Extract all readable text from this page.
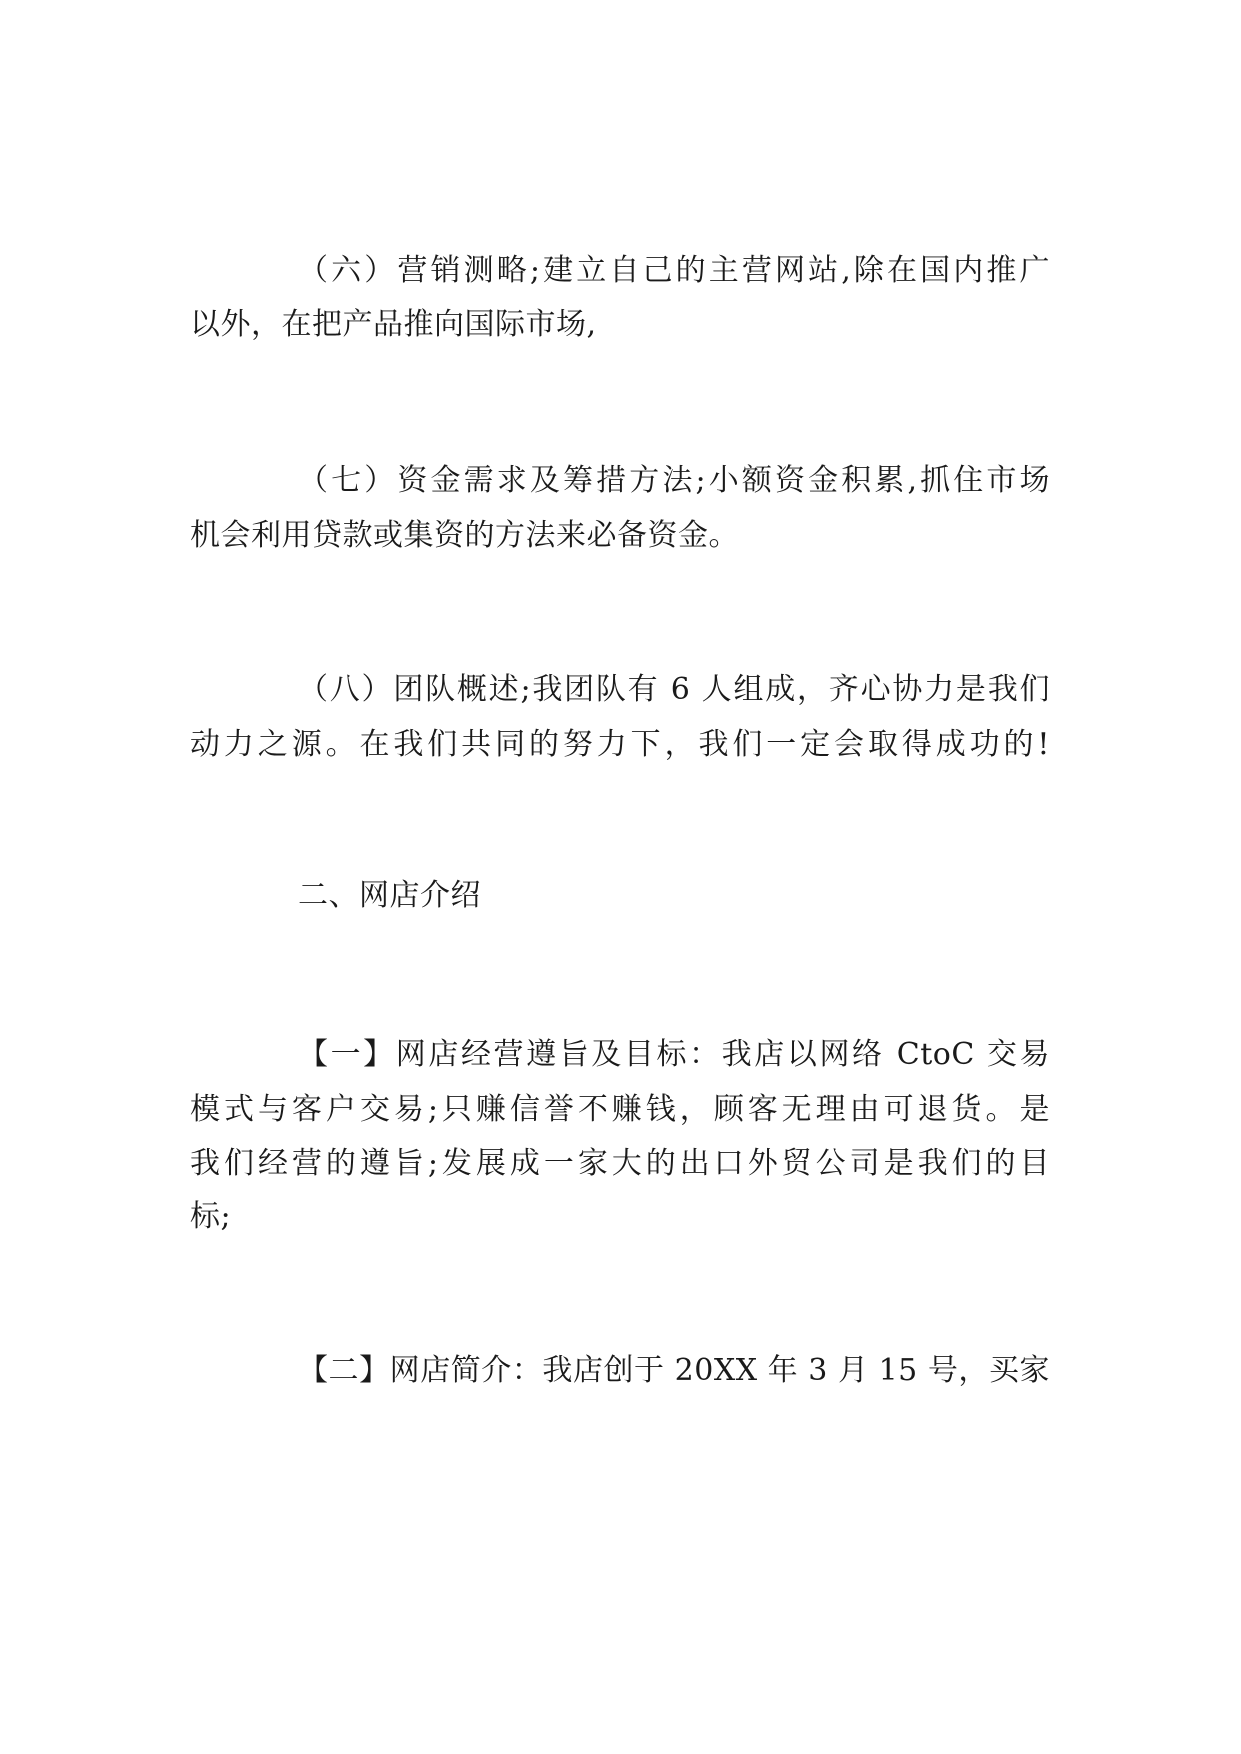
（六）营销测略;建立自己的主营网站,除在国内推广
以外，在把产品推向国际市场,
（七）资金需求及筹措方法;小额资金积累,抓住市场
机会利用贷款或集资的方法来必备资金。
（八）团队概述;我团队有 6 人组成，齐心协力是我们
动力之源。在我们共同的努力下，我们一定会取得成功的!
二、网店介绍
【一】网店经营遵旨及目标：我店以网络 CtoC 交易
模式与客户交易;只赚信誉不赚钱，顾客无理由可退货。是
我们经营的遵旨;发展成一家大的出口外贸公司是我们的目
标;
【二】网店简介：我店创于 20XX 年 3 月 15 号，买家
